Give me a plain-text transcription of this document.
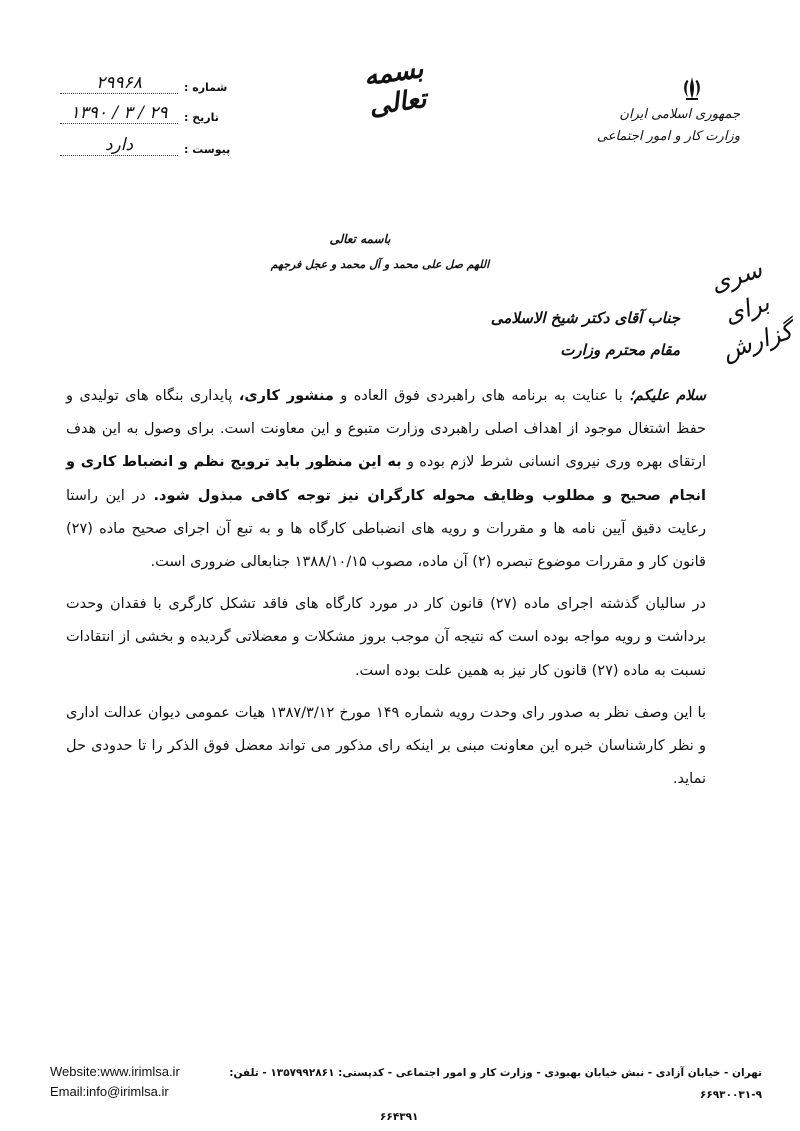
۲۹۹۶۸	شماره :
۱۳۹۰ / ۳ / ۲۹	تاریخ :
دارد	پیوست :
بسمه تعالی	جمهوری اسلامی ایران
وزارت کار و امور اجتماعی
باسمه تعالی
اللهم صل علی محمد و آل محمد و عجل فرجهم	سری
برای گزارش
جناب آقای دکتر شیخ الاسلامی
مقام محترم وزارت

سلام علیکم؛ با عنایت به برنامه های راهبردی فوق العاده و منشور کاری، پایداری بنگاه های تولیدی و حفظ اشتغال موجود از اهداف اصلی راهبردی وزارت متبوع و این معاونت است. برای وصول به این هدف ارتقای بهره وری نیروی انسانی شرط لازم بوده و به این منظور باید ترویج نظم و انضباط کاری و انجام صحیح و مطلوب وظایف محوله کارگران نیز توجه کافی مبذول شود. در این راستا رعایت دقیق آیین نامه ها و مقررات و رویه های انضباطی کارگاه ها و به تبع آن اجرای صحیح ماده (۲۷) قانون کار و مقررات موضوع تبصره (۲) آن ماده، مصوب ۱۳۸۸/۱۰/۱۵ جنابعالی ضروری است.

در سالیان گذشته اجرای ماده (۲۷) قانون کار در مورد کارگاه های فاقد تشکل کارگری با فقدان وحدت برداشت و رویه مواجه بوده است که نتیجه آن موجب بروز مشکلات و معضلاتی گردیده و بخشی از انتقادات نسبت به ماده (۲۷) قانون کار نیز به همین علت بوده است.

با این وصف نظر به صدور رای وحدت رویه شماره ۱۴۹ مورخ ۱۳۸۷/۳/۱۲ هیات عمومی دیوان عدالت اداری و نظر کارشناسان خبره این معاونت مبنی بر اینکه رای مذکور می تواند معضل فوق الذکر را تا حدودی حل نماید.

تهران - خیابان آزادی - نبش خیابان بهبودی - وزارت کار و امور اجتماعی - کدپستی: ۱۳۵۷۹۹۲۸۶۱ - تلفن: ۹-۶۶۹۳۰۰۳۱
۶۶۴۳۹۱
Website:www.irimlsa.ir
Email:info@irimlsa.ir
